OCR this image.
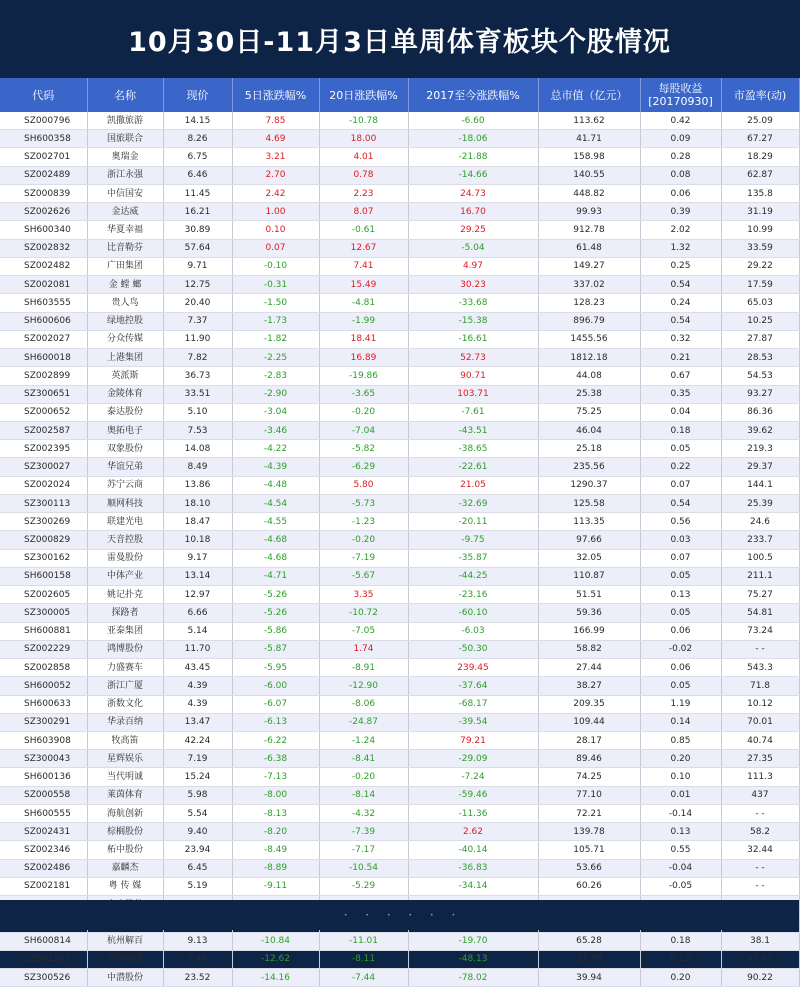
10月30日-11月3日单周体育板块个股情况
代码	名称	现价	5日涨跌幅%	20日涨跌幅%	2017至今涨跌幅%	总市值（亿元）	每股收益
[20170930]	市盈率(动)
SZ000796	凯撒旅游	14.15	7.85	-10.78	-6.60	113.62	0.42	25.09
SH600358	国旅联合	8.26	4.69	18.00	-18.06	41.71	0.09	67.27
SZ002701	奥瑞金	6.75	3.21	4.01	-21.88	158.98	0.28	18.29
SZ002489	浙江永强	6.46	2.70	0.78	-14.66	140.55	0.08	62.87
SZ000839	中信国安	11.45	2.42	2.23	24.73	448.82	0.06	135.8
SZ002626	金达威	16.21	1.00	8.07	16.70	99.93	0.39	31.19
SH600340	华夏幸福	30.89	0.10	-0.61	29.25	912.78	2.02	10.99
SZ002832	比音勒芬	57.64	0.07	12.67	-5.04	61.48	1.32	33.59
SZ002482	广田集团	9.71	-0.10	7.41	4.97	149.27	0.25	29.22
SZ002081	金 螳 螂	12.75	-0.31	15.49	30.23	337.02	0.54	17.59
SH603555	贵人鸟	20.40	-1.50	-4.81	-33.68	128.23	0.24	65.03
SH600606	绿地控股	7.37	-1.73	-1.99	-15.38	896.79	0.54	10.25
SZ002027	分众传媒	11.90	-1.82	18.41	-16.61	1455.56	0.32	27.87
SH600018	上港集团	7.82	-2.25	16.89	52.73	1812.18	0.21	28.53
SZ002899	英派斯	36.73	-2.83	-19.86	90.71	44.08	0.67	54.53
SZ300651	金陵体育	33.51	-2.90	-3.65	103.71	25.38	0.35	93.27
SZ000652	泰达股份	5.10	-3.04	-0.20	-7.61	75.25	0.04	86.36
SZ002587	奥拓电子	7.53	-3.46	-7.04	-43.51	46.04	0.18	39.62
SZ002395	双象股份	14.08	-4.22	-5.82	-38.65	25.18	0.05	219.3
SZ300027	华谊兄弟	8.49	-4.39	-6.29	-22.61	235.56	0.22	29.37
SZ002024	苏宁云商	13.86	-4.48	5.80	21.05	1290.37	0.07	144.1
SZ300113	顺网科技	18.10	-4.54	-5.73	-32.69	125.58	0.54	25.39
SZ300269	联建光电	18.47	-4.55	-1.23	-20.11	113.35	0.56	24.6
SZ000829	天音控股	10.18	-4.68	-0.20	-9.75	97.66	0.03	233.7
SZ300162	雷曼股份	9.17	-4.68	-7.19	-35.87	32.05	0.07	100.5
SH600158	中体产业	13.14	-4.71	-5.67	-44.25	110.87	0.05	211.1
SZ002605	姚记扑克	12.97	-5.26	3.35	-23.16	51.51	0.13	75.27
SZ300005	探路者	6.66	-5.26	-10.72	-60.10	59.36	0.05	54.81
SH600881	亚泰集团	5.14	-5.86	-7.05	-6.03	166.99	0.06	73.24
SZ002229	鸿博股份	11.70	-5.87	1.74	-50.30	58.82	-0.02	- -
SZ002858	力盛赛车	43.45	-5.95	-8.91	239.45	27.44	0.06	543.3
SH600052	浙江广厦	4.39	-6.00	-12.90	-37.64	38.27	0.05	71.8
SH600633	浙数文化	4.39	-6.07	-8.06	-68.17	209.35	1.19	10.12
SZ300291	华录百纳	13.47	-6.13	-24.87	-39.54	109.44	0.14	70.01
SH603908	牧高笛	42.24	-6.22	-1.24	79.21	28.17	0.85	40.74
SZ300043	星辉娱乐	7.19	-6.38	-8.41	-29.09	89.46	0.20	27.35
SH600136	当代明诚	15.24	-7.13	-0.20	-7.24	74.25	0.10	111.3
SZ000558	莱茵体育	5.98	-8.00	-8.14	-59.46	77.10	0.01	437
SH600555	海航创新	5.54	-8.13	-4.32	-11.36	72.21	-0.14	- -
SZ002431	棕榈股份	9.40	-8.20	-7.39	2.62	139.78	0.13	58.2
SZ002346	柘中股份	23.94	-8.49	-7.17	-40.14	105.71	0.55	32.44
SZ002486	嘉麟杰	6.45	-8.89	-10.54	-36.83	53.66	-0.04	- -
SZ002181	粤 传 媒	5.19	-9.11	-5.29	-34.14	60.26	-0.05	- -

SH600814	杭州解百	9.13	-10.84	-11.01	-19.70	65.28	0.18	38.1
SZ002105	信隆健康	7.48	-12.62	-8.11	-48.13	27.56	0.12	47.01
SZ300526	中潜股份	23.52	-14.16	-7.44	-78.02	39.94	0.20	90.22
•	•	•	•	•	•
